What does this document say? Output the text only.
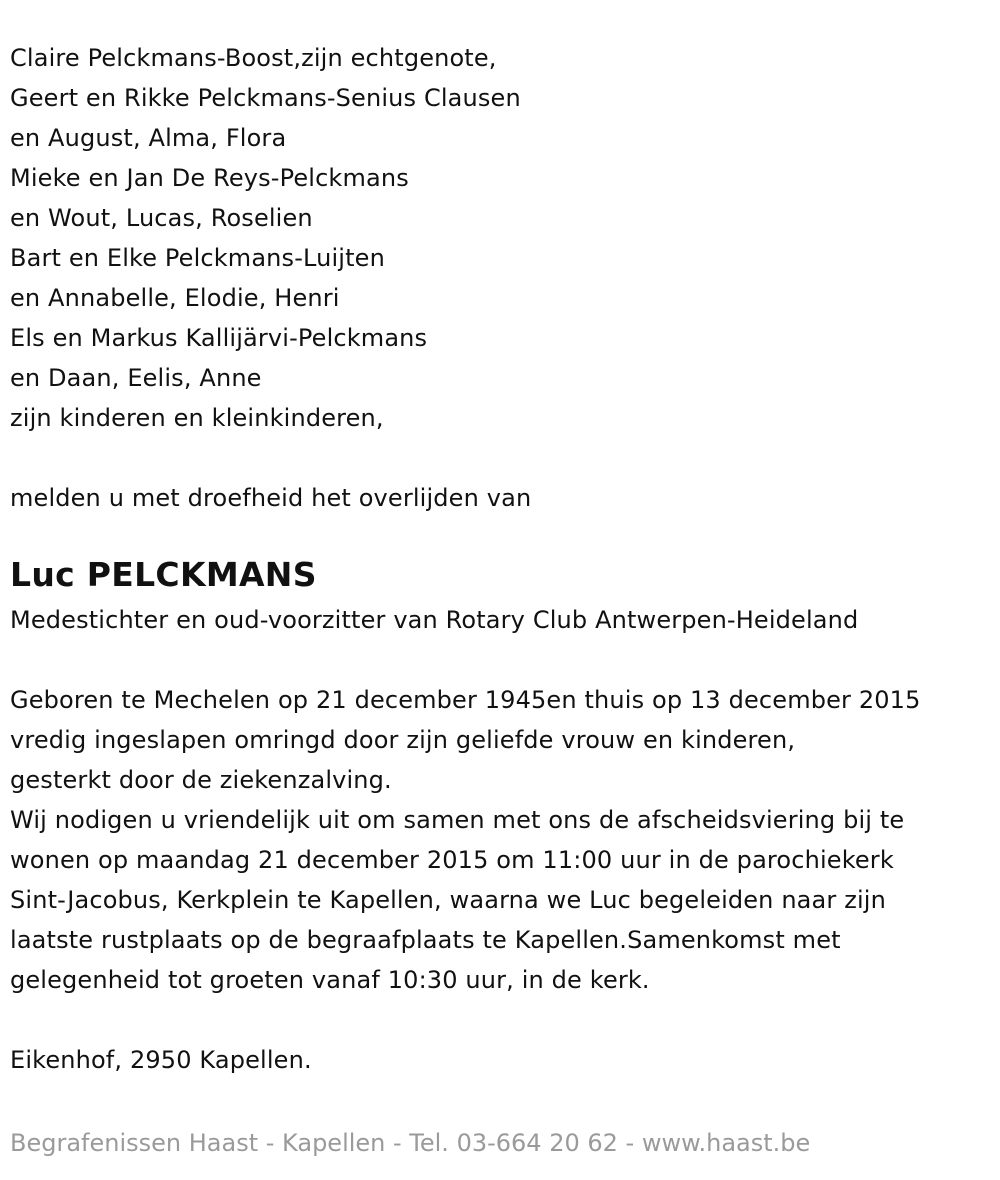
Claire Pelckmans-Boost,zijn echtgenote,
Geert en Rikke Pelckmans-Senius Clausen
en August, Alma, Flora
Mieke en Jan De Reys-Pelckmans
en Wout, Lucas, Roselien
Bart en Elke Pelckmans-Luijten
en Annabelle, Elodie, Henri
Els en Markus Kallijärvi-Pelckmans
en Daan, Eelis, Anne
zijn kinderen en kleinkinderen,
melden u met droefheid het overlijden van
Luc PELCKMANS
Medestichter en oud-voorzitter van Rotary Club Antwerpen-Heideland
Geboren te Mechelen op 21 december 1945en thuis op 13 december 2015
vredig ingeslapen omringd door zijn geliefde vrouw en kinderen,
gesterkt door de ziekenzalving.
Wij nodigen u vriendelijk uit om samen met ons de afscheidsviering bij te
wonen op maandag 21 december 2015 om 11:00 uur in de parochiekerk
Sint-Jacobus, Kerkplein te Kapellen, waarna we Luc begeleiden naar zijn
laatste rustplaats op de begraafplaats te Kapellen.Samenkomst met
gelegenheid tot groeten vanaf 10:30 uur, in de kerk.
Eikenhof, 2950 Kapellen.
Begrafenissen Haast - Kapellen - Tel. 03-664 20 62 - www.haast.be
